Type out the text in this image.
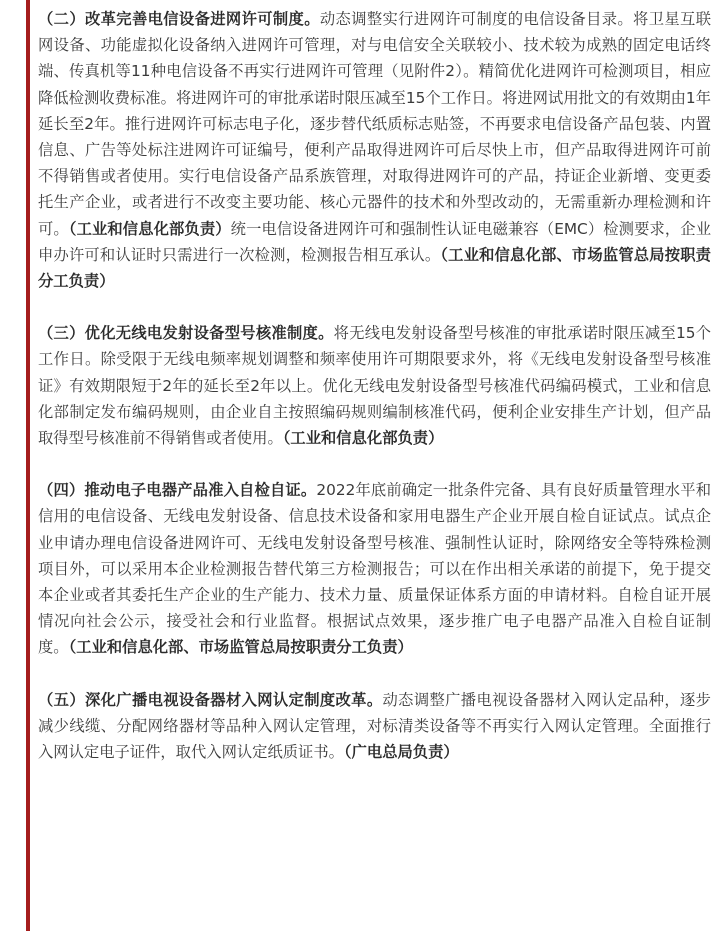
（二）改革完善电信设备进网许可制度。动态调整实行进网许可制度的电信设备目录。将卫星互联网设备、功能虚拟化设备纳入进网许可管理，对与电信安全关联较小、技术较为成熟的固定电话终端、传真机等11种电信设备不再实行进网许可管理（见附件2）。精简优化进网许可检测项目，相应降低检测收费标准。将进网许可的审批承诺时限压减至15个工作日。将进网试用批文的有效期由1年延长至2年。推行进网许可标志电子化，逐步替代纸质标志贴签，不再要求电信设备产品包装、内置信息、广告等处标注进网许可证编号，便利产品取得进网许可后尽快上市，但产品取得进网许可前不得销售或者使用。实行电信设备产品系族管理，对取得进网许可的产品，持证企业新增、变更委托生产企业，或者进行不改变主要功能、核心元器件的技术和外型改动的，无需重新办理检测和许可。（工业和信息化部负责）统一电信设备进网许可和强制性认证电磁兼容（EMC）检测要求，企业申办许可和认证时只需进行一次检测，检测报告相互承认。（工业和信息化部、市场监管总局按职责分工负责）

（三）优化无线电发射设备型号核准制度。将无线电发射设备型号核准的审批承诺时限压减至15个工作日。除受限于无线电频率规划调整和频率使用许可期限要求外，将《无线电发射设备型号核准证》有效期限短于2年的延长至2年以上。优化无线电发射设备型号核准代码编码模式，工业和信息化部制定发布编码规则，由企业自主按照编码规则编制核准代码，便利企业安排生产计划，但产品取得型号核准前不得销售或者使用。（工业和信息化部负责）

（四）推动电子电器产品准入自检自证。2022年底前确定一批条件完备、具有良好质量管理水平和信用的电信设备、无线电发射设备、信息技术设备和家用电器生产企业开展自检自证试点。试点企业申请办理电信设备进网许可、无线电发射设备型号核准、强制性认证时，除网络安全等特殊检测项目外，可以采用本企业检测报告替代第三方检测报告；可以在作出相关承诺的前提下，免于提交本企业或者其委托生产企业的生产能力、技术力量、质量保证体系方面的申请材料。自检自证开展情况向社会公示，接受社会和行业监督。根据试点效果，逐步推广电子电器产品准入自检自证制度。（工业和信息化部、市场监管总局按职责分工负责）

（五）深化广播电视设备器材入网认定制度改革。动态调整广播电视设备器材入网认定品种，逐步减少线缆、分配网络器材等品种入网认定管理，对标清类设备等不再实行入网认定管理。全面推行入网认定电子证件，取代入网认定纸质证书。（广电总局负责）
